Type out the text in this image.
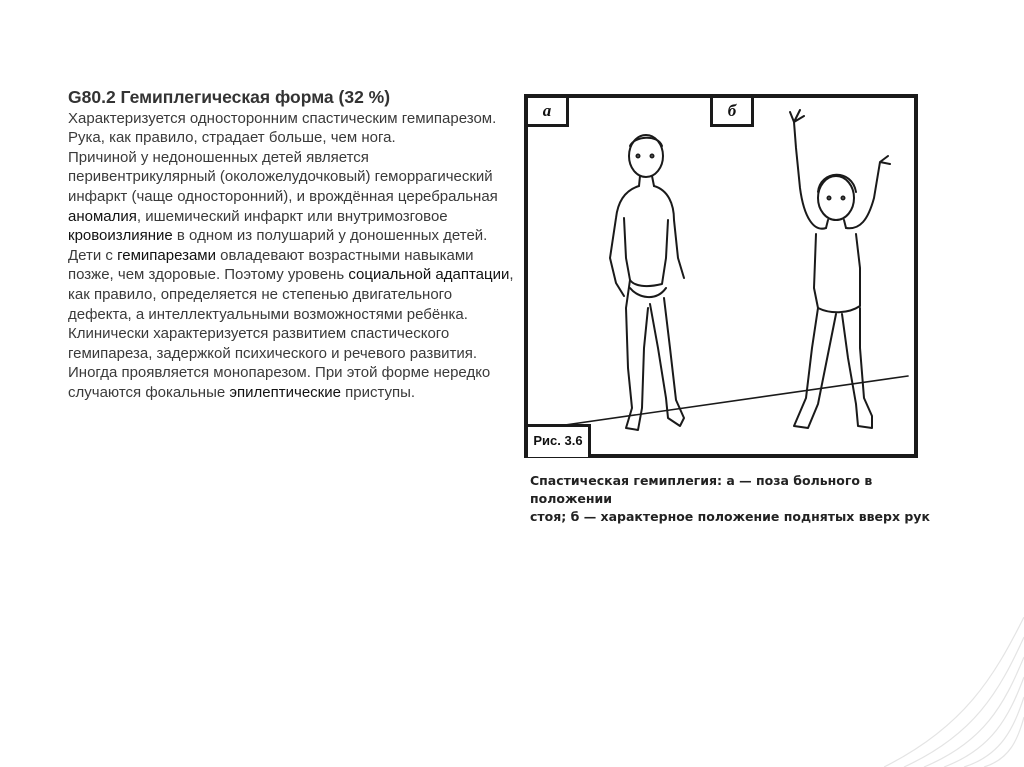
G80.2 Гемиплегическая форма (32 %)

Характеризуется односторонним спастическим гемипарезом. Рука, как правило, страдает больше, чем нога.

Причиной у недоношенных детей является перивентрикулярный (околожелудочковый) геморрагический инфаркт (чаще односторонний), и врождённая церебральная аномалия, ишемический инфаркт или внутримозговое кровоизлияние в одном из полушарий у доношенных детей.

Дети с гемипарезами овладевают возрастными навыками позже, чем здоровые. Поэтому уровень социальной адаптации, как правило, определяется не степенью двигательного дефекта, а интеллектуальными возможностями ребёнка.

Клинически характеризуется развитием спастического гемипареза, задержкой психического и речевого развития. Иногда проявляется монопарезом. При этой форме нередко случаются фокальные эпилептические приступы.

а	б
Рис. 3.6
Спастическая гемиплегия: а — поза больного в положении
стоя; б — характерное положение поднятых вверх рук
